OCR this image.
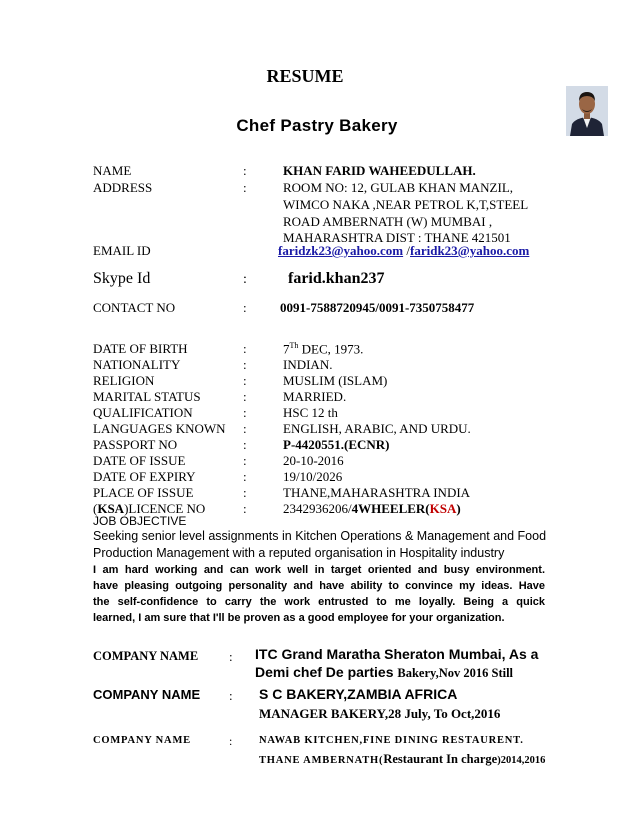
RESUME
Chef Pastry Bakery
NAME	:	KHAN FARID WAHEEDULLAH.
ADDRESS	:	ROOM NO: 12, GULAB KHAN MANZIL,
WIMCO NAKA ,NEAR PETROL K,T,STEEL
ROAD AMBERNATH (W) MUMBAI ,
MAHARASHTRA DIST : THANE 421501
EMAIL ID	faridzk23@yahoo.com /faridk23@yahoo.com
Skype Id	:	farid.khan237
CONTACT NO	:	0091-7588720945/0091-7350758477
DATE OF BIRTH	:	7Th DEC, 1973.
NATIONALITY	:	INDIAN.
RELIGION	:	MUSLIM (ISLAM)
MARITAL STATUS	:	MARRIED.
QUALIFICATION	:	HSC 12 th
LANGUAGES KNOWN :	ENGLISH, ARABIC, AND URDU.
PASSPORT NO	:	P-4420551.(ECNR)
DATE OF ISSUE	:	20-10-2016
DATE OF EXPIRY	:	19/10/2026
PLACE OF ISSUE	:	THANE,MAHARASHTRA INDIA
(KSA)LICENCE NO	:	2342936206/4WHEELER(KSA)
JOB OBJECTIVE
Seeking senior level assignments in Kitchen Operations & Management and Food
Production Management with a reputed organisation in Hospitality industry
I am hard working and can work well in target oriented and busy environment.
have pleasing outgoing personality and have ability to convince my ideas. Have
the self-confidence to carry the work entrusted to me loyally. Being a quick
learned, I am sure that I'll be proven as a good employee for your organization.
COMPANY NAME : ITC Grand Maratha Sheraton Mumbai, As a
Demi chef De parties Bakery,Nov 2016 Still
COMPANY NAME : S C BAKERY,ZAMBIA AFRICA
MANAGER BAKERY,28 July, To Oct,2016
COMPANY NAME	:	NAWAB KITCHEN,FINE DINING RESTAURENT.
THANE AMBERNATH(Restaurant In charge)2014,2016
